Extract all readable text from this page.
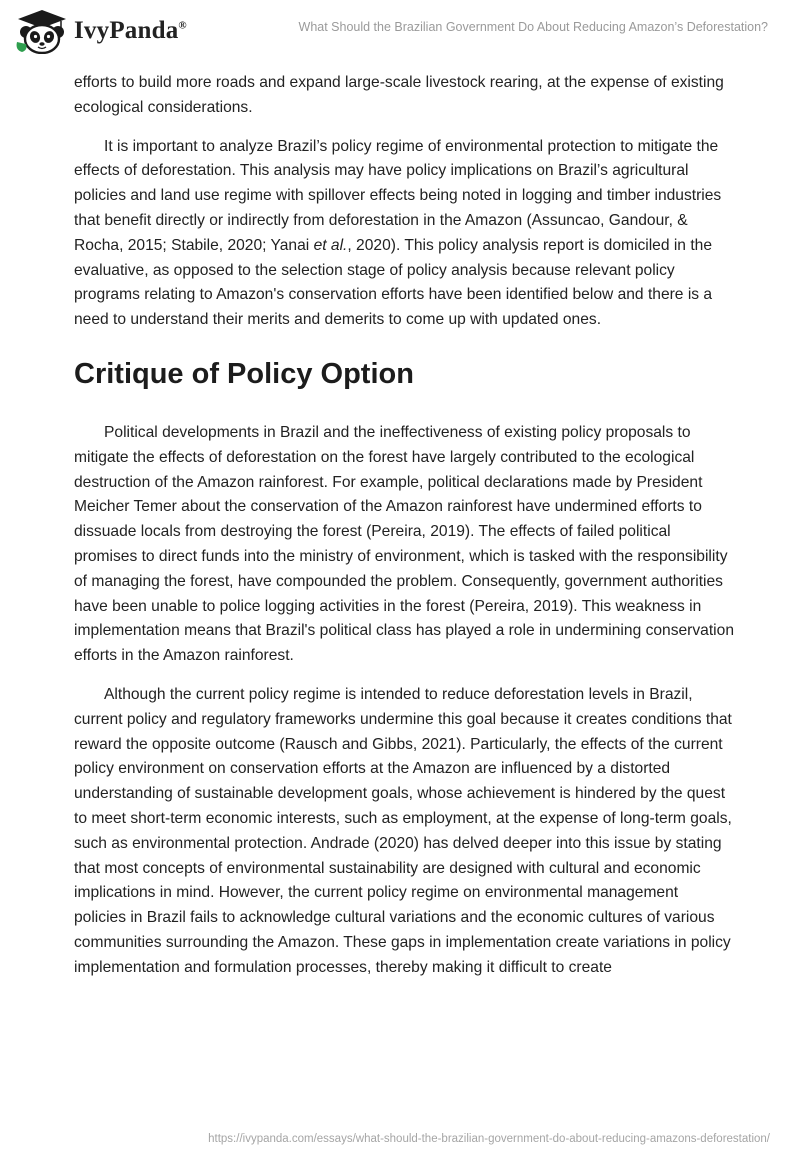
IvyPanda®	What Should the Brazilian Government Do About Reducing Amazon’s Deforestation?

efforts to build more roads and expand large-scale livestock rearing, at the expense of existing ecological considerations.

It is important to analyze Brazil’s policy regime of environmental protection to mitigate the effects of deforestation. This analysis may have policy implications on Brazil’s agricultural policies and land use regime with spillover effects being noted in logging and timber industries that benefit directly or indirectly from deforestation in the Amazon (Assuncao, Gandour, & Rocha, 2015; Stabile, 2020; Yanai et al., 2020). This policy analysis report is domiciled in the evaluative, as opposed to the selection stage of policy analysis because relevant policy programs relating to Amazon's conservation efforts have been identified below and there is a need to understand their merits and demerits to come up with updated ones.

Critique of Policy Option

Political developments in Brazil and the ineffectiveness of existing policy proposals to mitigate the effects of deforestation on the forest have largely contributed to the ecological destruction of the Amazon rainforest. For example, political declarations made by President Meicher Temer about the conservation of the Amazon rainforest have undermined efforts to dissuade locals from destroying the forest (Pereira, 2019). The effects of failed political promises to direct funds into the ministry of environment, which is tasked with the responsibility of managing the forest, have compounded the problem. Consequently, government authorities have been unable to police logging activities in the forest (Pereira, 2019). This weakness in implementation means that Brazil's political class has played a role in undermining conservation efforts in the Amazon rainforest.

Although the current policy regime is intended to reduce deforestation levels in Brazil, current policy and regulatory frameworks undermine this goal because it creates conditions that reward the opposite outcome (Rausch and Gibbs, 2021). Particularly, the effects of the current policy environment on conservation efforts at the Amazon are influenced by a distorted understanding of sustainable development goals, whose achievement is hindered by the quest to meet short-term economic interests, such as employment, at the expense of long-term goals, such as environmental protection. Andrade (2020) has delved deeper into this issue by stating that most concepts of environmental sustainability are designed with cultural and economic implications in mind. However, the current policy regime on environmental management policies in Brazil fails to acknowledge cultural variations and the economic cultures of various communities surrounding the Amazon. These gaps in implementation create variations in policy implementation and formulation processes, thereby making it difficult to create

https://ivypanda.com/essays/what-should-the-brazilian-government-do-about-reducing-amazons-deforestation/
